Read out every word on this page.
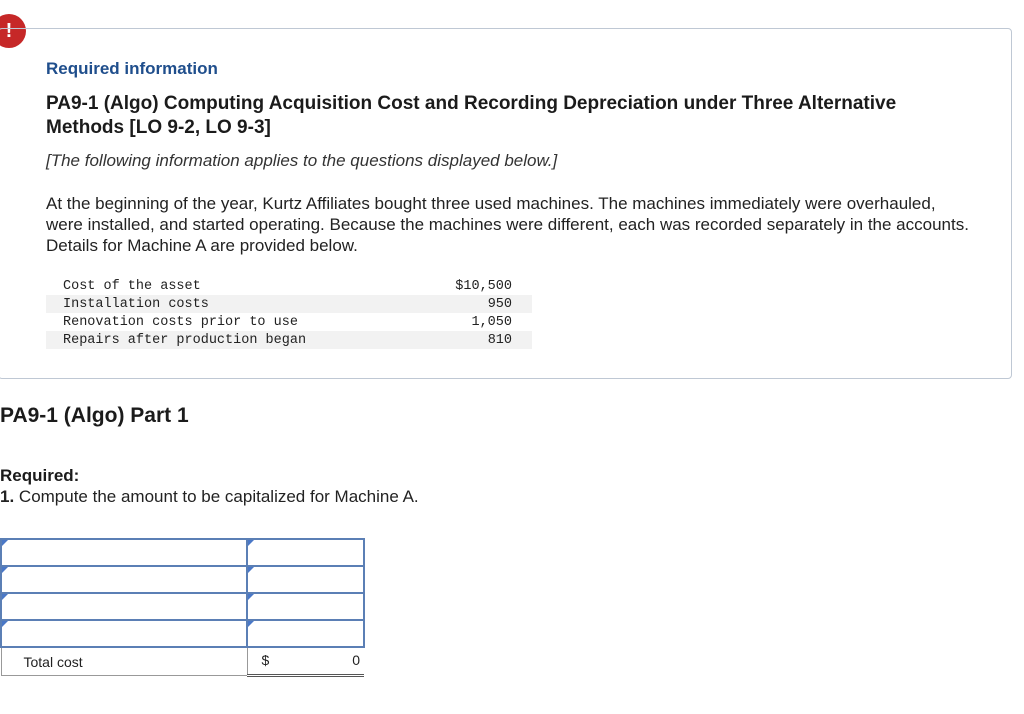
!
Required information
PA9-1 (Algo) Computing Acquisition Cost and Recording Depreciation under Three Alternative Methods [LO 9-2, LO 9-3]
[The following information applies to the questions displayed below.]
At the beginning of the year, Kurtz Affiliates bought three used machines. The machines immediately were overhauled, were installed, and started operating. Because the machines were different, each was recorded separately in the accounts. Details for Machine A are provided below.
Cost of the asset	$10,500
Installation costs	950
Renovation costs prior to use	1,050
Repairs after production began	810
PA9-1 (Algo) Part 1
Required:
1. Compute the amount to be capitalized for Machine A.

Total cost	$ 0
